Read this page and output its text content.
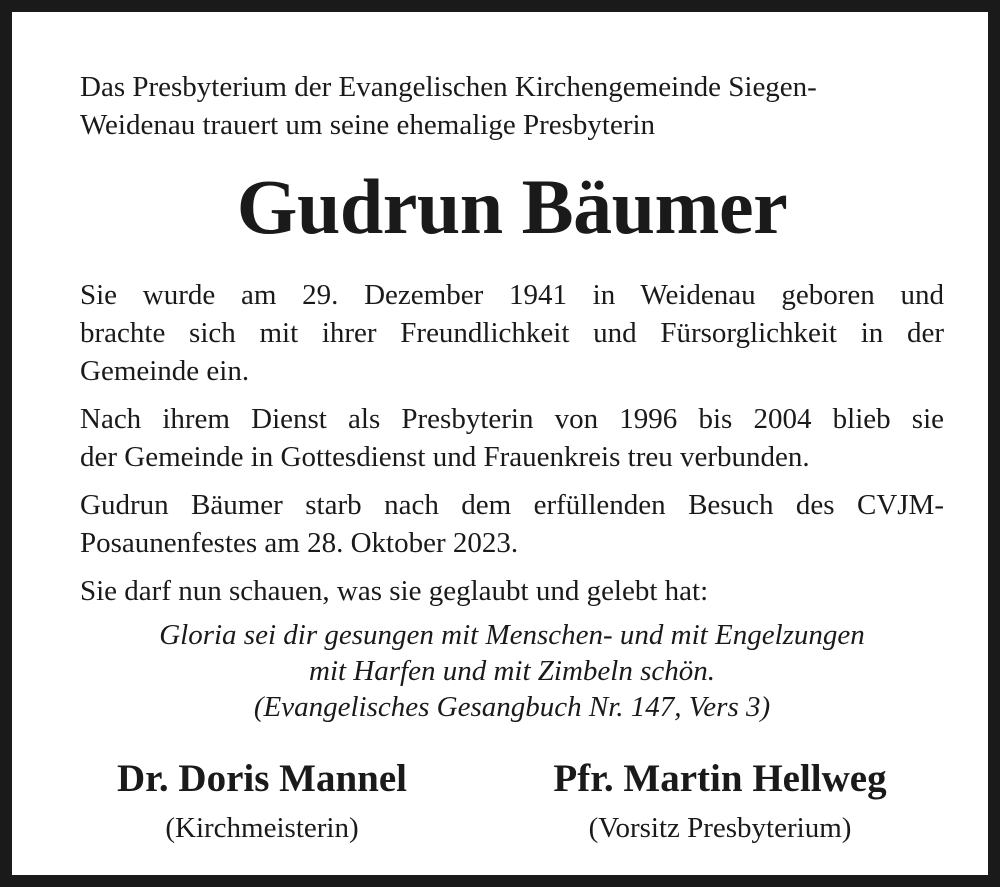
Das Presbyterium der Evangelischen Kirchengemeinde Siegen-

Weidenau trauert um seine ehemalige Presbyterin

Gudrun Bäumer

Sie wurde am 29. Dezember 1941 in Weidenau geboren und
brachte sich mit ihrer Freundlichkeit und Fürsorglichkeit in der
Gemeinde ein.

Nach ihrem Dienst als Presbyterin von 1996 bis 2004 blieb sie
der Gemeinde in Gottesdienst und Frauenkreis treu verbunden.

Gudrun Bäumer starb nach dem erfüllenden Besuch des CVJM-
Posaunenfestes am 28. Oktober 2023.

Sie darf nun schauen, was sie geglaubt und gelebt hat:

Gloria sei dir gesungen mit Menschen- und mit Engelzungen
mit Harfen und mit Zimbeln schön.
(Evangelisches Gesangbuch Nr. 147, Vers 3)
Dr. Doris Mannel
(Kirchmeisterin)
Pfr. Martin Hellweg
(Vorsitz Presbyterium)
